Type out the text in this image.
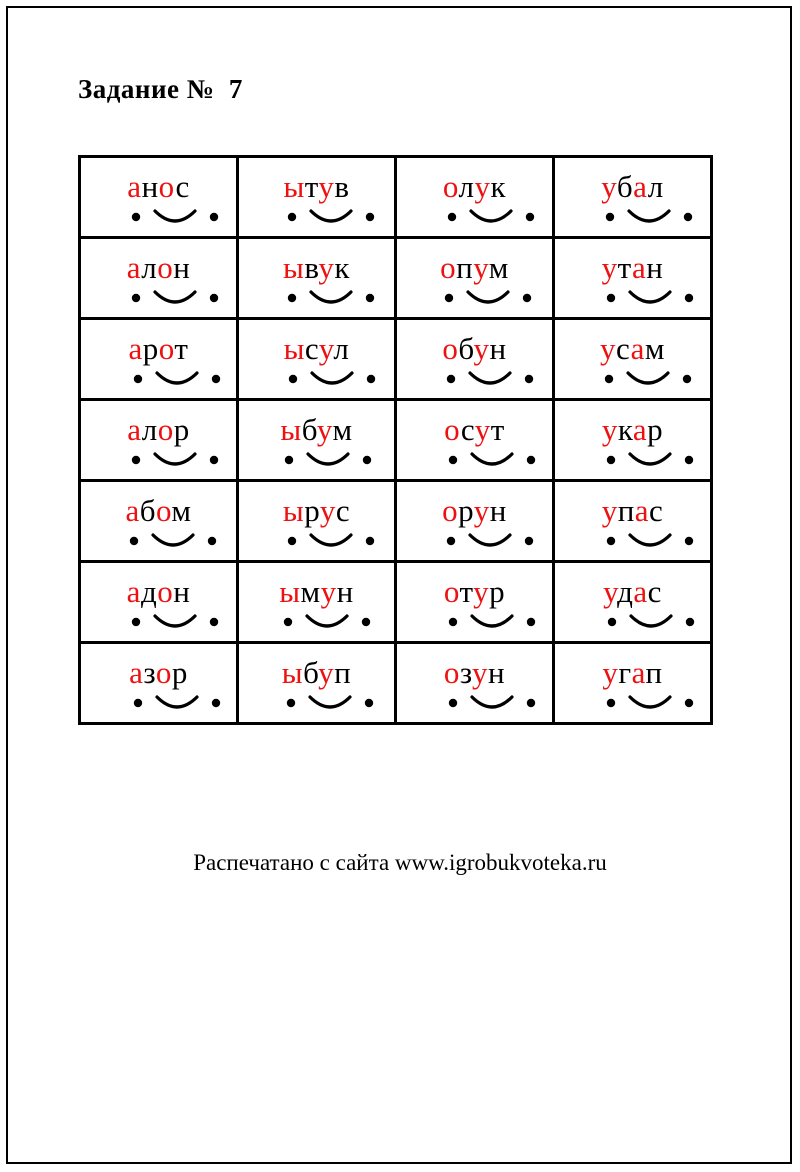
Задание №  7
анос	ытув	олук	убал

алон	ывук	опум	утан

арот	ысул	обун	усам

алор	ыбум	осут	укар

абом	ырус	орун	упас

адон	ымун	отур	удас

азор	ыбуп	озун	угап
Распечатано с сайта www.igrobukvoteka.ru
